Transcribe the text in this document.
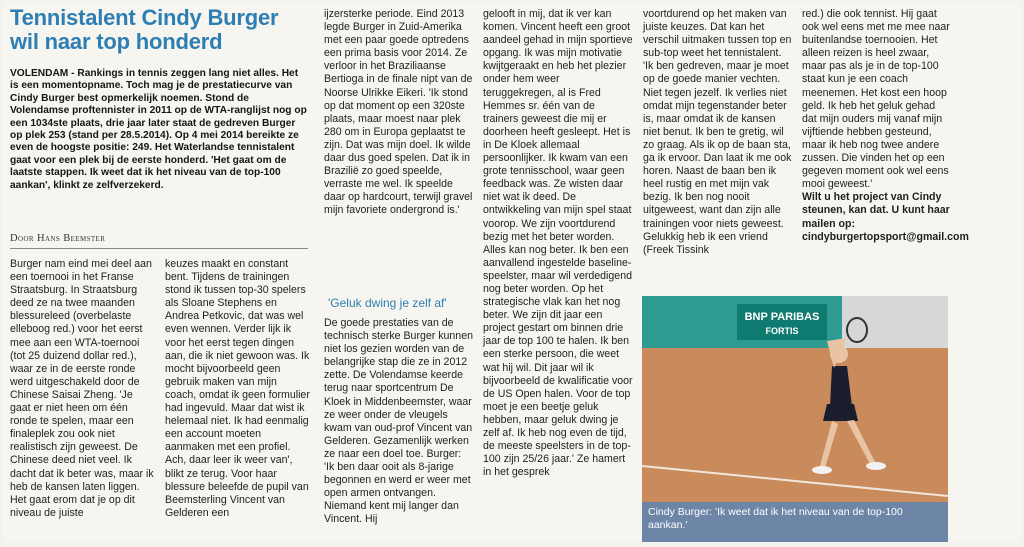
Tennistalent Cindy Burger
wil naar top honderd

VOLENDAM - Rankings in tennis zeggen lang niet alles. Het is een momentopname. Toch mag je de prestatiecurve van Cindy Burger best opmerkelijk noemen. Stond de Volendamse proftennister in 2011 op de WTA-ranglijst nog op een 1034ste plaats, drie jaar later staat de gedreven Burger op plek 253 (stand per 28.5.2014). Op 4 mei 2014 bereikte ze even de hoogste positie: 249. Het Waterlandse tennistalent gaat voor een plek bij de eerste honderd. 'Het gaat om de laatste stappen. Ik weet dat ik het niveau van de top-100 aankan', klinkt ze zelfverzekerd.

Door Hans Beemster

Burger nam eind mei deel aan een toernooi in het Franse Straatsburg. In Straatsburg deed ze na twee maanden blessureleed (overbelaste elleboog red.) voor het eerst mee aan een WTA-toernooi (tot 25 duizend dollar red.), waar ze in de eerste ronde werd uitgeschakeld door de Chinese Saisai Zheng. 'Je gaat er niet heen om één ronde te spelen, maar een finaleplek zou ook niet realistisch zijn geweest. De Chinese deed niet veel. Ik dacht dat ik beter was, maar ik heb de kansen laten liggen. Het gaat erom dat je op dit niveau de juiste

keuzes maakt en constant bent. Tijdens de trainingen stond ik tussen top-30 spelers als Sloane Stephens en Andrea Petkovic, dat was wel even wennen. Verder lijk ik voor het eerst tegen dingen aan, die ik niet gewoon was. Ik mocht bijvoorbeeld geen gebruik maken van mijn coach, omdat ik geen formulier had ingevuld. Maar dat wist ik helemaal niet. Ik had eenmalig een account moeten aanmaken met een profiel. Ach, daar leer ik weer van', blikt ze terug. Voor haar blessure beleefde de pupil van Beemsterling Vincent van Gelderen een

ijzersterke periode. Eind 2013 legde Burger in Zuid-Amerika met een paar goede optredens een prima basis voor 2014. Ze verloor in het Braziliaanse Bertioga in de finale nipt van de Noorse Ulrikke Eikeri. 'Ik stond op dat moment op een 320ste plaats, maar moest naar plek 280 om in Europa geplaatst te zijn. Dat was mijn doel. Ik wilde daar dus goed spelen. Dat ik in Brazilië zo goed speelde, verraste me wel. Ik speelde daar op hardcourt, terwijl gravel mijn favoriete ondergrond is.'

'Geluk dwing je zelf af'

De goede prestaties van de technisch sterke Burger kunnen niet los gezien worden van de belangrijke stap die ze in 2012 zette. De Volendamse keerde terug naar sportcentrum De Kloek in Middenbeemster, waar ze weer onder de vleugels kwam van oud-prof Vincent van Gelderen. Gezamenlijk werken ze naar een doel toe. Burger: 'Ik ben daar ooit als 8-jarige begonnen en werd er weer met open armen ontvangen. Niemand kent mij langer dan Vincent. Hij

gelooft in mij, dat ik ver kan komen. Vincent heeft een groot aandeel gehad in mijn sportieve opgang. Ik was mijn motivatie kwijtgeraakt en heb het plezier onder hem weer teruggekregen, al is Fred Hemmes sr. één van de trainers geweest die mij er doorheen heeft gesleept. Het is in De Kloek allemaal persoonlijker. Ik kwam van een grote tennisschool, waar geen feedback was. Ze wisten daar niet wat ik deed. De ontwikkeling van mijn spel staat voorop. We zijn voortdurend bezig met het beter worden. Alles kan nog beter. Ik ben een aanvallend ingestelde baseline-speelster, maar wil verdedigend nog beter worden. Op het strategische vlak kan het nog beter. We zijn dit jaar een project gestart om binnen drie jaar de top 100 te halen. Ik ben een sterke persoon, die weet wat hij wil. Dit jaar wil ik bijvoorbeeld de kwalificatie voor de US Open halen. Voor de top moet je een beetje geluk hebben, maar geluk dwing je zelf af. Ik heb nog even de tijd, de meeste speelsters in de top-100 zijn 25/26 jaar.' Ze hamert in het gesprek

voortdurend op het maken van juiste keuzes. Dat kan het verschil uitmaken tussen top en sub-top weet het tennistalent. 'Ik ben gedreven, maar je moet op de goede manier vechten. Niet tegen jezelf. Ik verlies niet omdat mijn tegenstander beter is, maar omdat ik de kansen niet benut. Ik ben te gretig, wil zo graag. Als ik op de baan sta, ga ik ervoor. Dan laat ik me ook horen. Naast de baan ben ik heel rustig en met mijn vak bezig. Ik ben nog nooit uitgeweest, want dan zijn alle trainingen voor niets geweest. Gelukkig heb ik een vriend (Freek Tissink

red.) die ook tennist. Hij gaat ook wel eens met me mee naar buitenlandse toernooien. Het alleen reizen is heel zwaar, maar pas als je in de top-100 staat kun je een coach meenemen. Het kost een hoop geld. Ik heb het geluk gehad dat mijn ouders mij vanaf mijn vijftiende hebben gesteund, maar ik heb nog twee andere zussen. Die vinden het op een gegeven moment ook wel eens mooi geweest.'

Wilt u het project van Cindy steunen, kan dat. U kunt haar mailen op: cindyburgertopsport@gmail.com

BNP PARIBAS
FORTIS
Cindy Burger: 'Ik weet dat ik het niveau van de top-100 aankan.'
